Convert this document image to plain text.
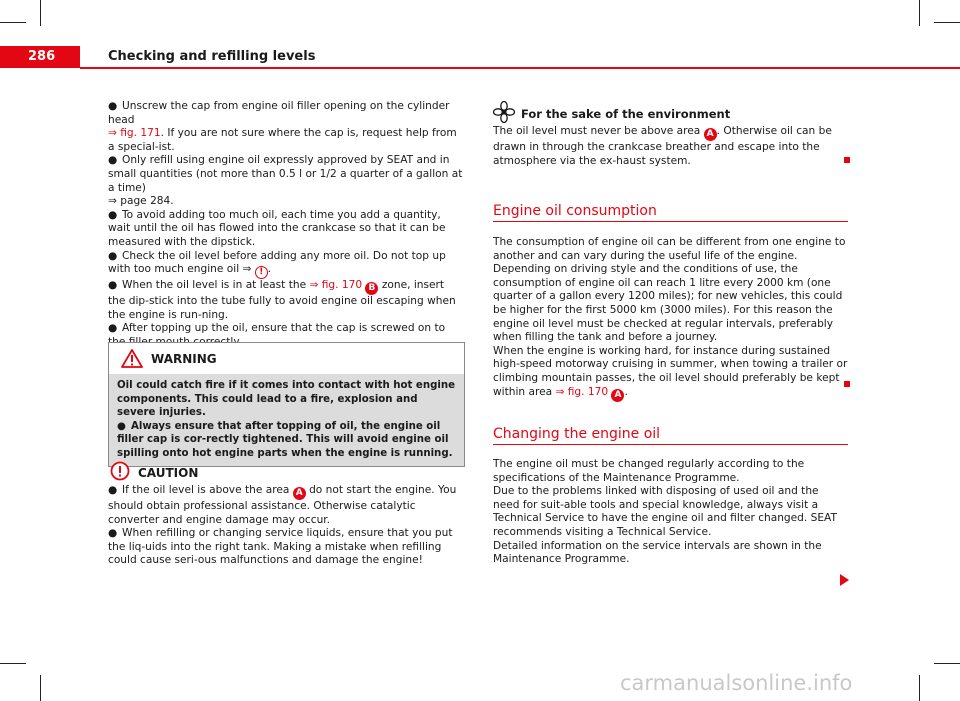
286	Checking and refilling levels

● Unscrew the cap from engine oil filler opening on the cylinder head
⇒ fig. 171. If you are not sure where the cap is, request help from a special-ist.

● Only refill using engine oil expressly approved by SEAT and in small quantities (not more than 0.5 l or 1/2 a quarter of a gallon at a time)
⇒ page 284.

● To avoid adding too much oil, each time you add a quantity, wait until the oil has flowed into the crankcase so that it can be measured with the dipstick.

● Check the oil level before adding any more oil. Do not top up with too much engine oil ⇒ ! .

● When the oil level is in at least the ⇒ fig. 170 B zone, insert the dip-stick into the tube fully to avoid engine oil escaping when the engine is run-ning.

● After topping up the oil, ensure that the cap is screwed on to

WARNING
Oil could catch fire if it comes into contact with hot engine components. This could lead to a fire, explosion and severe injuries.
● Always ensure that after topping of oil, the engine oil filler cap is cor-rectly tightened. This will avoid engine oil spilling onto hot engine parts when the engine is running.
CAUTION

● If the oil level is above the area A do not start the engine. You should obtain professional assistance. Otherwise catalytic converter and engine damage may occur.

● When refilling or changing service liquids, ensure that you put the liq-uids into the right tank. Making a mistake when refilling could cause seri-ous malfunctions and damage the engine!

For the sake of the environment

The oil level must never be above area A . Otherwise oil can be drawn in through the crankcase breather and escape into the atmosphere via the ex-haust system.

Engine oil consumption

The consumption of engine oil can be different from one engine to another and can vary during the useful life of the engine.

Depending on driving style and the conditions of use, the consumption of engine oil can reach 1 litre every 2000 km (one quarter of a gallon every 1200 miles); for new vehicles, this could be higher for the first 5000 km (3000 miles). For this reason the engine oil level must be checked at regular intervals, preferably when filling the tank and before a journey.

When the engine is working hard, for instance during sustained high-speed motorway cruising in summer, when towing a trailer or climbing mountain passes, the oil level should preferably be kept within area ⇒ fig. 170 A .

Changing the engine oil

The engine oil must be changed regularly according to the specifications of the Maintenance Programme.

Due to the problems linked with disposing of used oil and the need for suit-able tools and special knowledge, always visit a Technical Service to have the engine oil and filter changed. SEAT recommends visiting a Technical Service.

Detailed information on the service intervals are shown in the Maintenance Programme.

carmanualsonline.info
